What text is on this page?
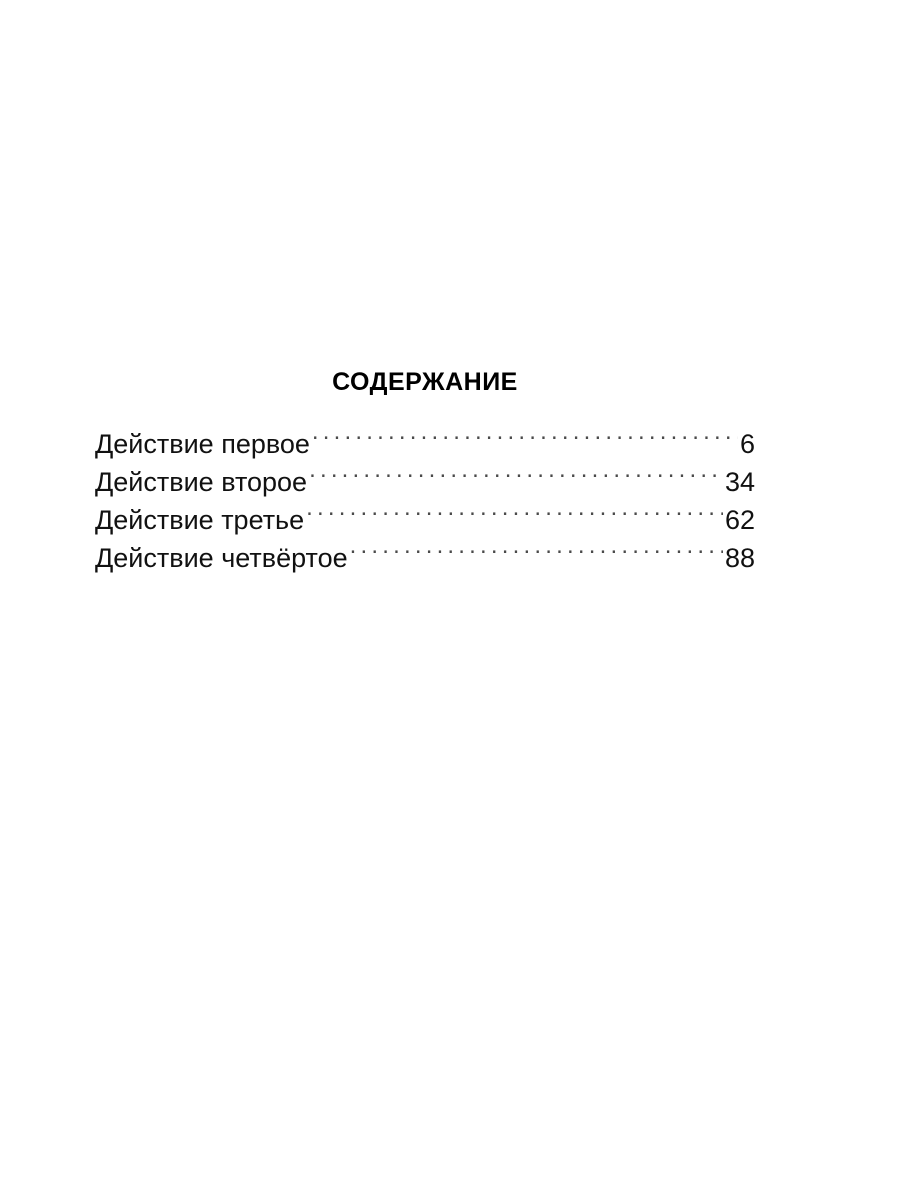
СОДЕРЖАНИЕ
Действие первое .....	6
Действие второе .....	34
Действие третье .....	62
Действие четвёртое .....	88
